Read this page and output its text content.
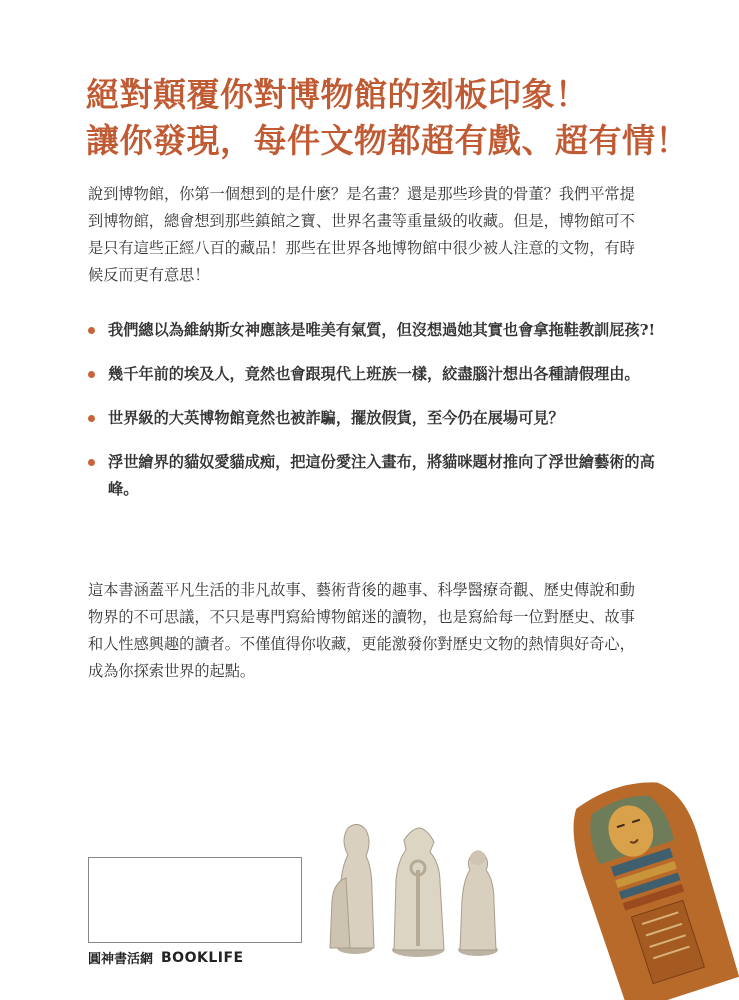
絕對顛覆你對博物館的刻板印象！
讓你發現，每件文物都超有戲、超有情！
說到博物館，你第一個想到的是什麼？是名畫？還是那些珍貴的骨董？我們平常提到博物館，總會想到那些鎮館之寶、世界名畫等重量級的收藏。但是，博物館可不是只有這些正經八百的藏品！那些在世界各地博物館中很少被人注意的文物，有時候反而更有意思！
我們總以為維納斯女神應該是唯美有氣質，但沒想過她其實也會拿拖鞋教訓屁孩?!
幾千年前的埃及人，竟然也會跟現代上班族一樣，絞盡腦汁想出各種請假理由。
世界級的大英博物館竟然也被詐騙，擺放假貨，至今仍在展場可見？
浮世繪界的貓奴愛貓成痴，把這份愛注入畫布，將貓咪題材推向了浮世繪藝術的高峰。
這本書涵蓋平凡生活的非凡故事、藝術背後的趣事、科學醫療奇觀、歷史傳說和動物界的不可思議，不只是專門寫給博物館迷的讀物，也是寫給每一位對歷史、故事和人性感興趣的讀者。不僅值得你收藏，更能激發你對歷史文物的熱情與好奇心，成為你探索世界的起點。
圓神書活網 BOOKLIFE
